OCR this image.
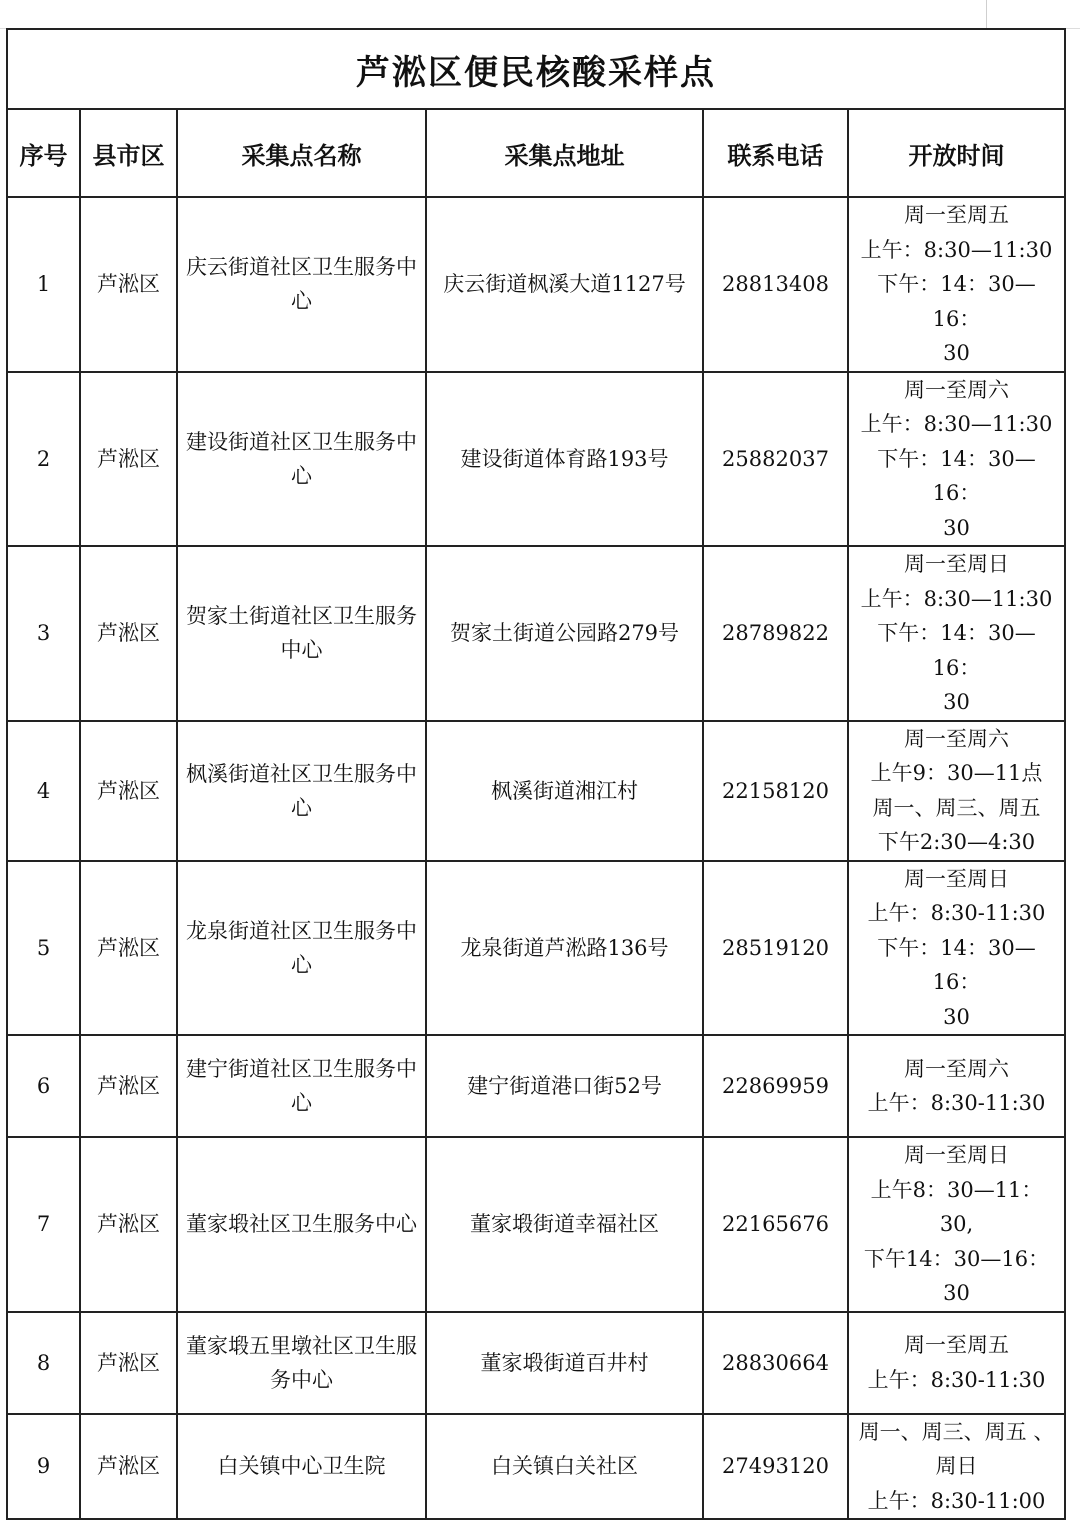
芦淞区便民核酸采样点					
序号	县市区	采集点名称	采集点地址	联系电话	开放时间
1	芦淞区	庆云街道社区卫生服务中心	庆云街道枫溪大道1127号	28813408	周一至周五
上午：8:30—11:30
下午：14：30—16：
30

2	芦淞区	建设街道社区卫生服务中心	建设街道体育路193号	25882037	周一至周六
上午：8:30—11:30
下午：14：30—16：
30

3	芦淞区	贺家土街道社区卫生服务中心	贺家土街道公园路279号	28789822	周一至周日
上午：8:30—11:30
下午：14：30—16：
30

4	芦淞区	枫溪街道社区卫生服务中心	枫溪街道湘江村	22158120	周一至周六
上午9：30—11点
周一、周三、周五
下午2:30—4:30

5	芦淞区	龙泉街道社区卫生服务中心	龙泉街道芦淞路136号	28519120	周一至周日
上午：8:30-11:30
下午：14：30—16：
30

6	芦淞区	建宁街道社区卫生服务中心	建宁街道港口街52号	22869959	周一至周六
上午：8:30-11:30

7	芦淞区	董家塅社区卫生服务中心	董家塅街道幸福社区	22165676	周一至周日
上午8：30—11：30,
下午14：30—16：
30

8	芦淞区	董家塅五里墩社区卫生服务中心	董家塅街道百井村	28830664	周一至周五
上午：8:30-11:30

9	芦淞区	白关镇中心卫生院	白关镇白关社区	27493120	周一、周三、周五 、
周日
上午：8:30-11:00
